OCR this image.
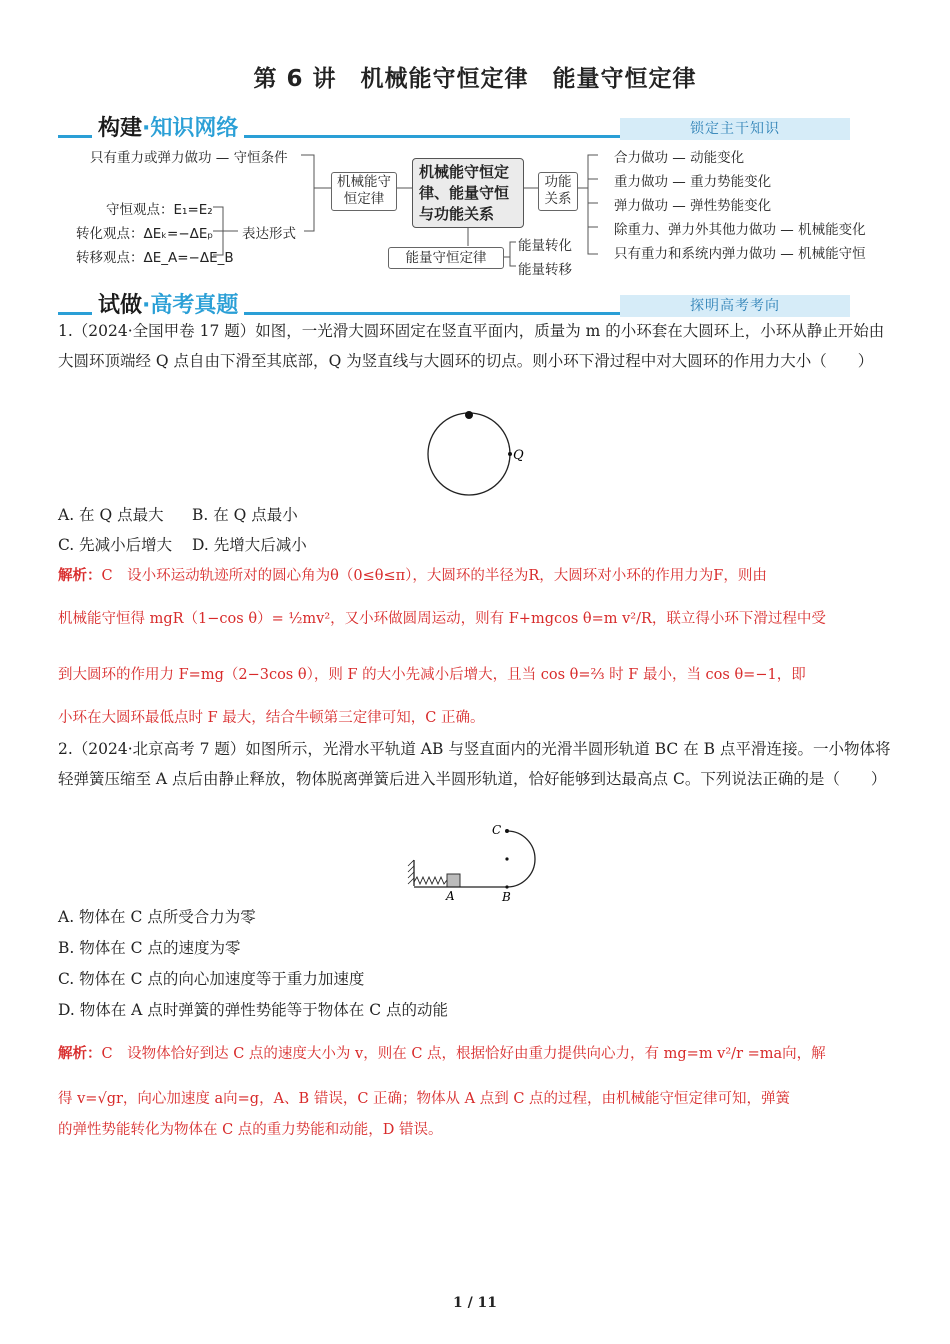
第 6 讲　机械能守恒定律　能量守恒定律
构建·知识网络	锁定主干知识
只有重力或弹力做功 — 守恒条件
守恒观点：E₁=E₂
转化观点：ΔEₖ=−ΔEₚ
转移观点：ΔE_A=−ΔE_B
表达形式
机械能守
恒定律
机械能守恒定
律、能量守恒
与功能关系
能量守恒定律
能量转化
能量转移
功能
关系
合力做功 — 动能变化
重力做功 — 重力势能变化
弹力做功 — 弹性势能变化
除重力、弹力外其他力做功 — 机械能变化
只有重力和系统内弹力做功 — 机械能守恒
试做·高考真题	探明高考考向
1.（2024·全国甲卷 17 题）如图，一光滑大圆环固定在竖直平面内，质量为 m 的小环套在大圆环上，小环从静止开始由大圆环顶端经 Q 点自由下滑至其底部，Q 为竖直线与大圆环的切点。则小环下滑过程中对大圆环的作用力大小（　　）
Q
A. 在 Q 点最大 B. 在 Q 点最小
C. 先减小后增大 D. 先增大后减小
解析：C　 设小环运动轨迹所对的圆心角为θ（0≤θ≤π），大圆环的半径为R，大圆环对小环的作用力为F，则由
机械能守恒得 mgR（1−cos θ）= ½mv²，又小环做圆周运动，则有 F+mgcos θ=m v²/R，联立得小环下滑过程中受
到大圆环的作用力 F=mg（2−3cos θ），则 F 的大小先减小后增大，且当 cos θ=⅔ 时 F 最小，当 cos θ=−1，即
小环在大圆环最低点时 F 最大，结合牛顿第三定律可知，C 正确。
2.（2024·北京高考 7 题）如图所示，光滑水平轨道 AB 与竖直面内的光滑半圆形轨道 BC 在 B 点平滑连接。一小物体将轻弹簧压缩至 A 点后由静止释放，物体脱离弹簧后进入半圆形轨道，恰好能够到达最高点 C。下列说法正确的是（　　）
C
A	B
A. 物体在 C 点所受合力为零
B. 物体在 C 点的速度为零
C. 物体在 C 点的向心加速度等于重力加速度
D. 物体在 A 点时弹簧的弹性势能等于物体在 C 点的动能
解析：C　 设物体恰好到达 C 点的速度大小为 v，则在 C 点，根据恰好由重力提供向心力，有 mg=m v²/r =ma向，解
得 v=√gr，向心加速度 a向=g，A、B 错误，C 正确；物体从 A 点到 C 点的过程，由机械能守恒定律可知，弹簧
的弹性势能转化为物体在 C 点的重力势能和动能，D 错误。
1 / 11
